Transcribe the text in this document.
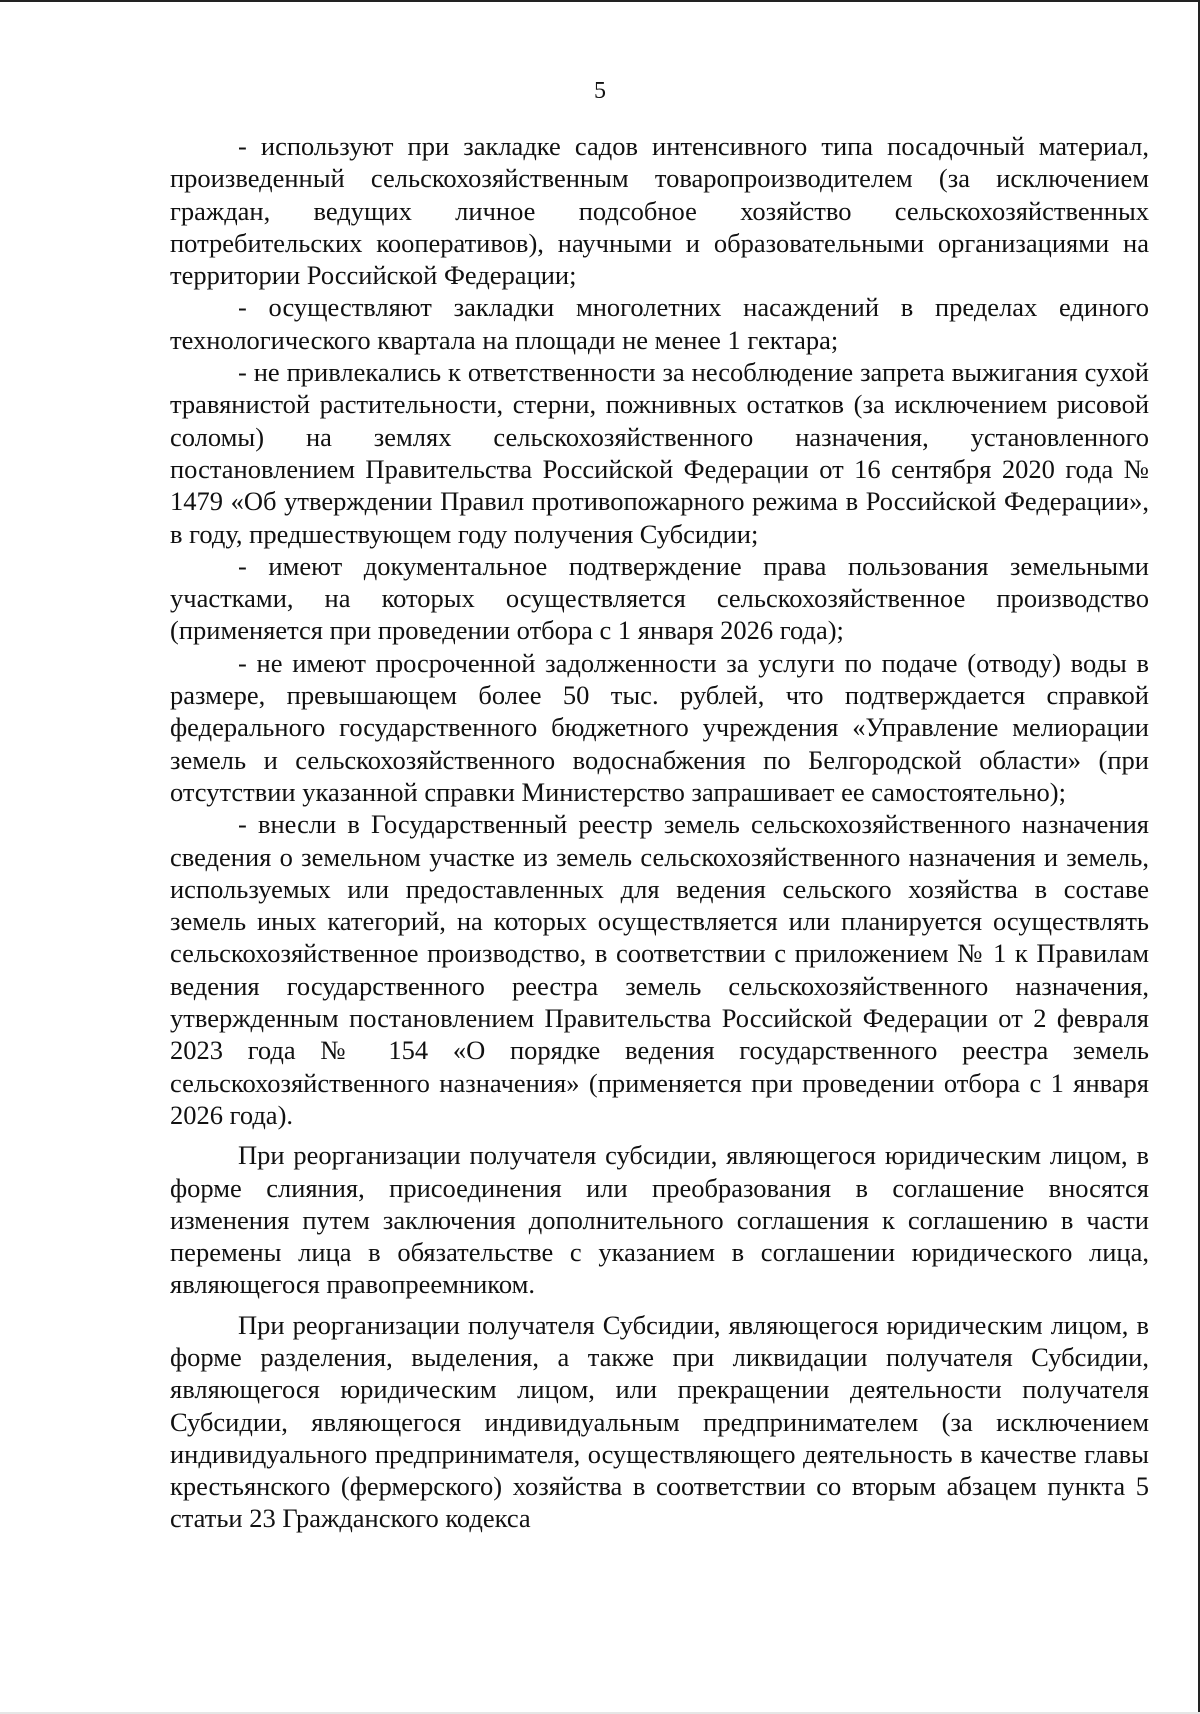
5

- используют при закладке садов интенсивного типа посадочный материал, произведенный сельскохозяйственным товаропроизводителем (за исключением граждан, ведущих личное подсобное хозяйство сельскохозяйственных потребительских кооперативов), научными и образовательными организациями на территории Российской Федерации;

- осуществляют закладки многолетних насаждений в пределах единого технологического квартала на площади не менее 1 гектара;

- не привлекались к ответственности за несоблюдение запрета выжигания сухой травянистой растительности, стерни, пожнивных остатков (за исключением рисовой соломы) на землях сельскохозяйственного назначения, установленного постановлением Правительства Российской Федерации от 16 сентября 2020 года № 1479 «Об утверждении Правил противопожарного режима в Российской Федерации», в году, предшествующем году получения Субсидии;

- имеют документальное подтверждение права пользования земельными участками, на которых осуществляется сельскохозяйственное производство (применяется при проведении отбора с 1 января 2026 года);

- не имеют просроченной задолженности за услуги по подаче (отводу) воды в размере, превышающем более 50 тыс. рублей, что подтверждается справкой федерального государственного бюджетного учреждения «Управление мелиорации земель и сельскохозяйственного водоснабжения по Белгородской области» (при отсутствии указанной справки Министерство запрашивает ее самостоятельно);

- внесли в Государственный реестр земель сельскохозяйственного назначения сведения о земельном участке из земель сельскохозяйственного назначения и земель, используемых или предоставленных для ведения сельского хозяйства в составе земель иных категорий, на которых осуществляется или планируется осуществлять сельскохозяйственное производство, в соответствии с приложением № 1 к Правилам ведения государственного реестра земель сельскохозяйственного назначения, утвержденным постановлением Правительства Российской Федерации от 2 февраля 2023 года № 154 «О порядке ведения государственного реестра земель сельскохозяйственного назначения» (применяется при проведении отбора с 1 января 2026 года).

При реорганизации получателя субсидии, являющегося юридическим лицом, в форме слияния, присоединения или преобразования в соглашение вносятся изменения путем заключения дополнительного соглашения к соглашению в части перемены лица в обязательстве с указанием в соглашении юридического лица, являющегося правопреемником.

При реорганизации получателя Субсидии, являющегося юридическим лицом, в форме разделения, выделения, а также при ликвидации получателя Субсидии, являющегося юридическим лицом, или прекращении деятельности получателя Субсидии, являющегося индивидуальным предпринимателем (за исключением индивидуального предпринимателя, осуществляющего деятельность в качестве главы крестьянского (фермерского) хозяйства в соответствии со вторым абзацем пункта 5 статьи 23 Гражданского кодекса
